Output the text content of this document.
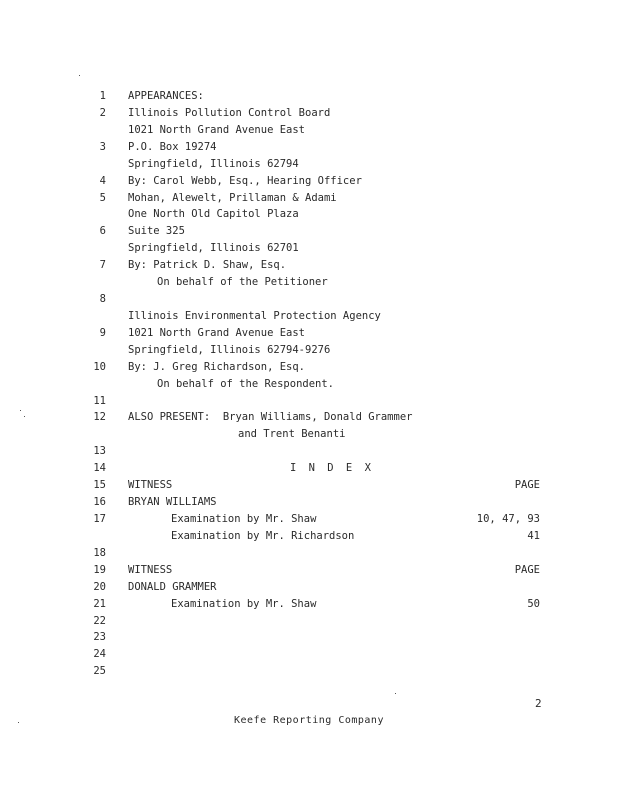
1 APPEARANCES:
2 Illinois Pollution Control Board
1021 North Grand Avenue East
3 P.O. Box 19274
Springfield, Illinois 62794
4 By: Carol Webb, Esq., Hearing Officer
5 Mohan, Alewelt, Prillaman & Adami
One North Old Capitol Plaza
6 Suite 325
Springfield, Illinois 62701
7 By: Patrick D. Shaw, Esq.
On behalf of the Petitioner
8
Illinois Environmental Protection Agency
9 1021 North Grand Avenue East
Springfield, Illinois 62794-9276
10 By: J. Greg Richardson, Esq.
On behalf of the Respondent.
11
12 ALSO PRESENT:  Bryan Williams, Donald Grammer
and Trent Benanti
13
14	I N D E X
15 WITNESS	PAGE
16 BRYAN WILLIAMS
17	Examination by Mr. Shaw	10, 47, 93
Examination by Mr. Richardson	41
18
19 WITNESS	PAGE
20 DONALD GRAMMER
21	Examination by Mr. Shaw	50
22
23
24
25
2
Keefe Reporting Company
